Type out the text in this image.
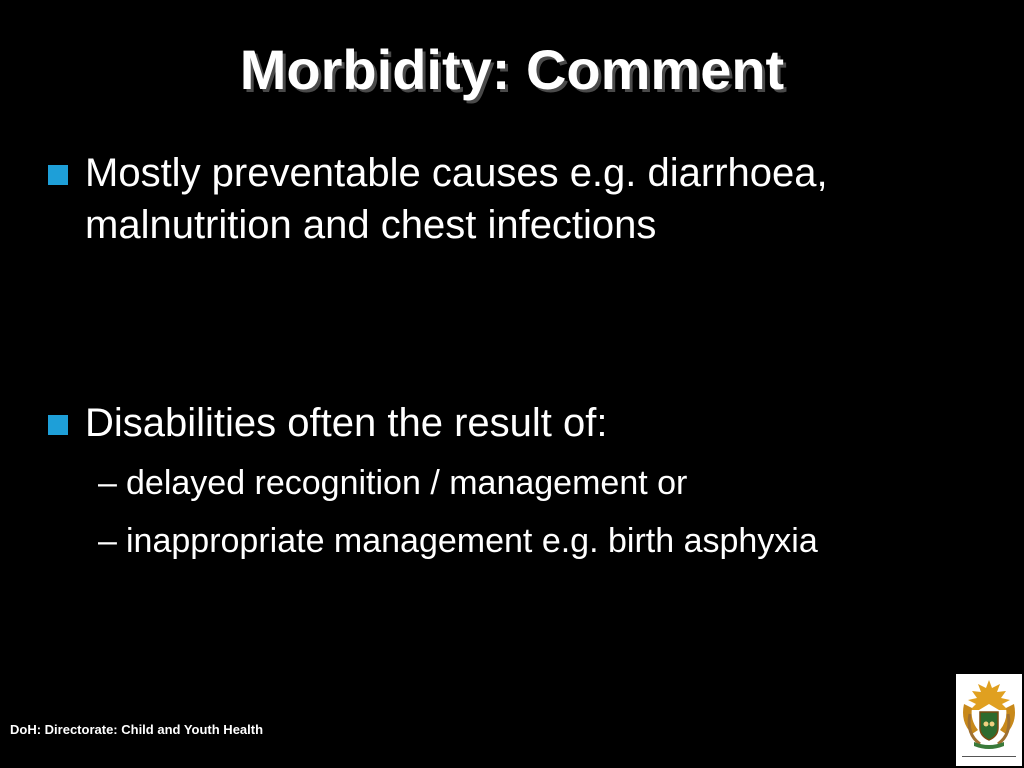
Morbidity: Comment
Mostly preventable causes e.g. diarrhoea, malnutrition and chest infections
Disabilities often the result of:
– delayed recognition / management or
– inappropriate management e.g. birth asphyxia
DoH: Directorate: Child and Youth Health
